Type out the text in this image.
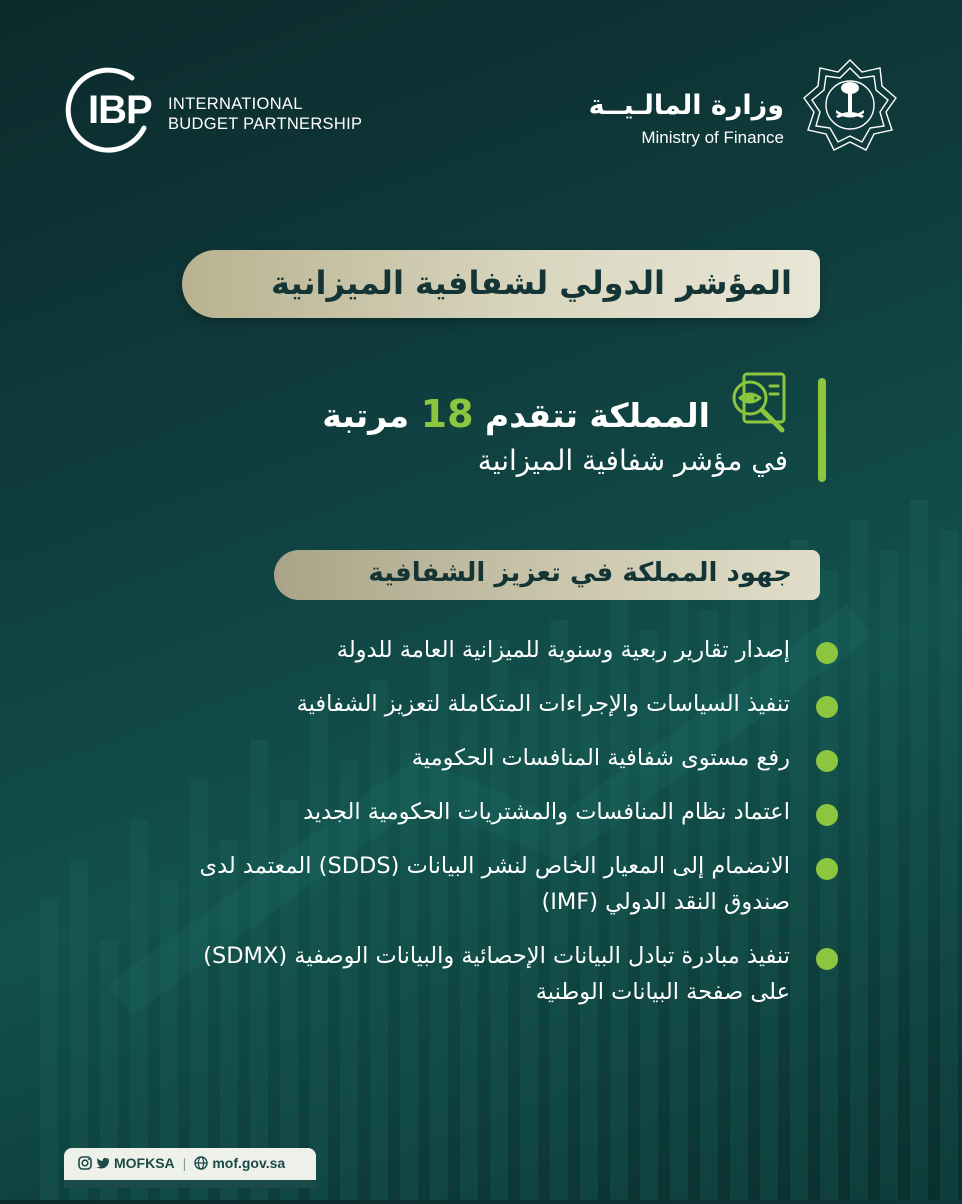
IBP INTERNATIONAL
BUDGET PARTNERSHIP
وزارة المالـيــة
Ministry of Finance
المؤشر الدولي لشفافية الميزانية
المملكة تتقدم 18 مرتبة
في مؤشر شفافية الميزانية
جهود المملكة في تعزيز الشفافية
إصدار تقارير ربعية وسنوية للميزانية العامة للدولة
تنفيذ السياسات والإجراءات المتكاملة لتعزيز الشفافية
رفع مستوى شفافية المنافسات الحكومية
اعتماد نظام المنافسات والمشتريات الحكومية الجديد
الانضمام إلى المعيار الخاص لنشر البيانات (SDDS) المعتمد لدى صندوق النقد الدولي (IMF)
تنفيذ مبادرة تبادل البيانات الإحصائية والبيانات الوصفية (SDMX) على صفحة البيانات الوطنية
MOFKSA | mof.gov.sa
